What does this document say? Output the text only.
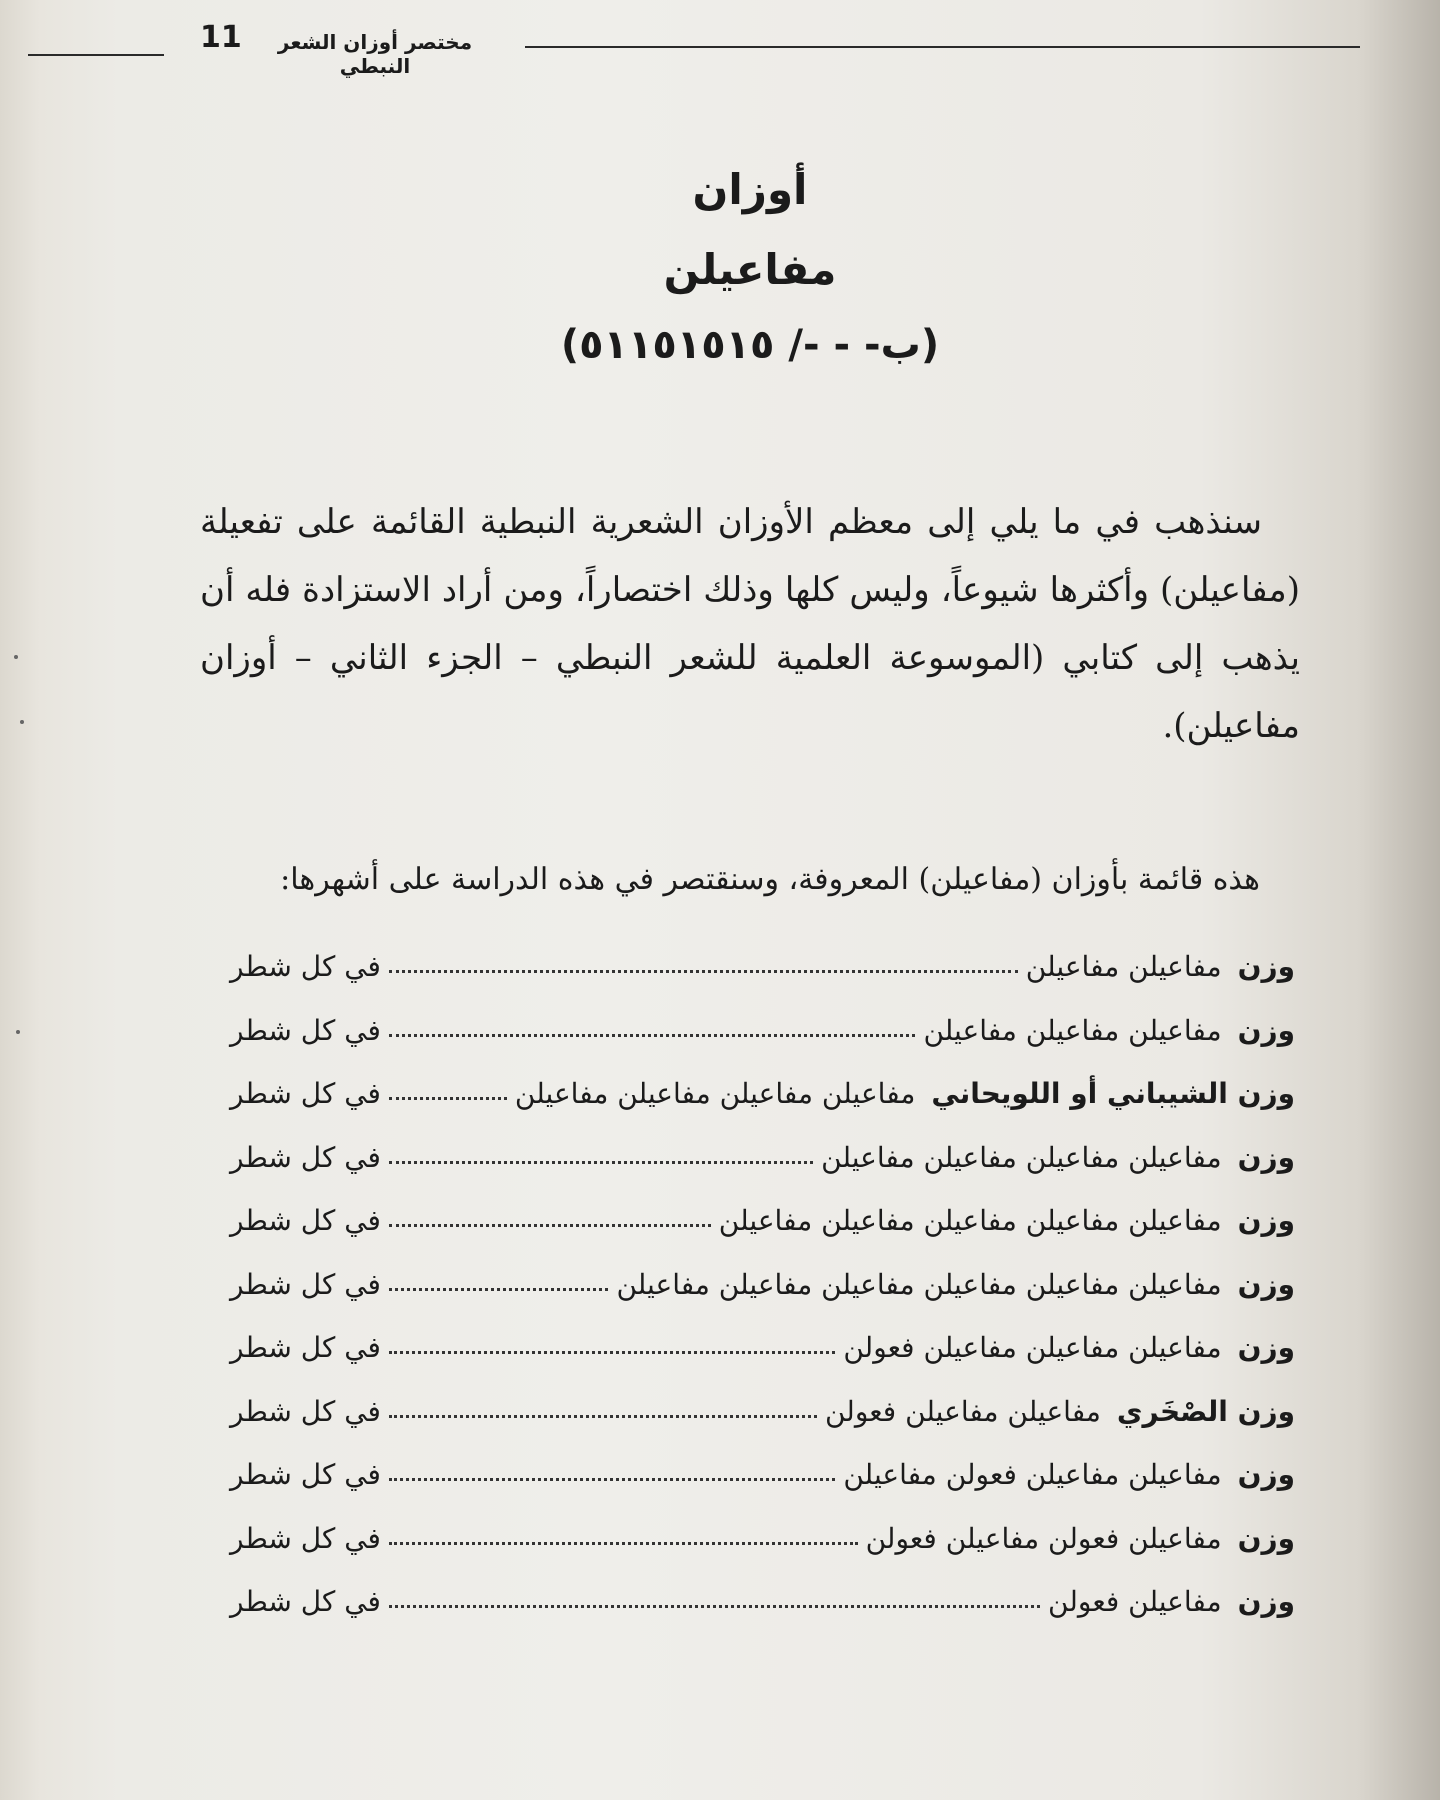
11	مختصر أوزان الشعر النبطي
أوزان
مفاعيلن
(ب- - -/ ٥١١٥١٥١٥)
سنذهب في ما يلي إلى معظم الأوزان الشعرية النبطية القائمة على تفعيلة (مفاعيلن) وأكثرها شيوعاً، وليس كلها وذلك اختصاراً، ومن أراد الاستزادة فله أن يذهب إلى كتابي (الموسوعة العلمية للشعر النبطي – الجزء الثاني – أوزان مفاعيلن).
هذه قائمة بأوزان (مفاعيلن) المعروفة، وسنقتصر في هذه الدراسة على أشهرها:
في كل شطر	مفاعيلن مفاعيلن وزن
في كل شطر	مفاعيلن مفاعيلن مفاعيلن وزن
في كل شطر	مفاعيلن مفاعيلن مفاعيلن مفاعيلن وزن الشيباني أو اللويحاني
في كل شطر	مفاعيلن مفاعيلن مفاعيلن مفاعيلن وزن
في كل شطر	مفاعيلن مفاعيلن مفاعيلن مفاعيلن مفاعيلن وزن
في كل شطر	مفاعيلن مفاعيلن مفاعيلن مفاعيلن مفاعيلن مفاعيلن وزن
في كل شطر	مفاعيلن مفاعيلن مفاعيلن فعولن وزن
في كل شطر	مفاعيلن مفاعيلن فعولن وزن الصْخَري
في كل شطر	مفاعيلن مفاعيلن فعولن مفاعيلن وزن
في كل شطر	مفاعيلن فعولن مفاعيلن فعولن وزن
في كل شطر	مفاعيلن فعولن وزن
